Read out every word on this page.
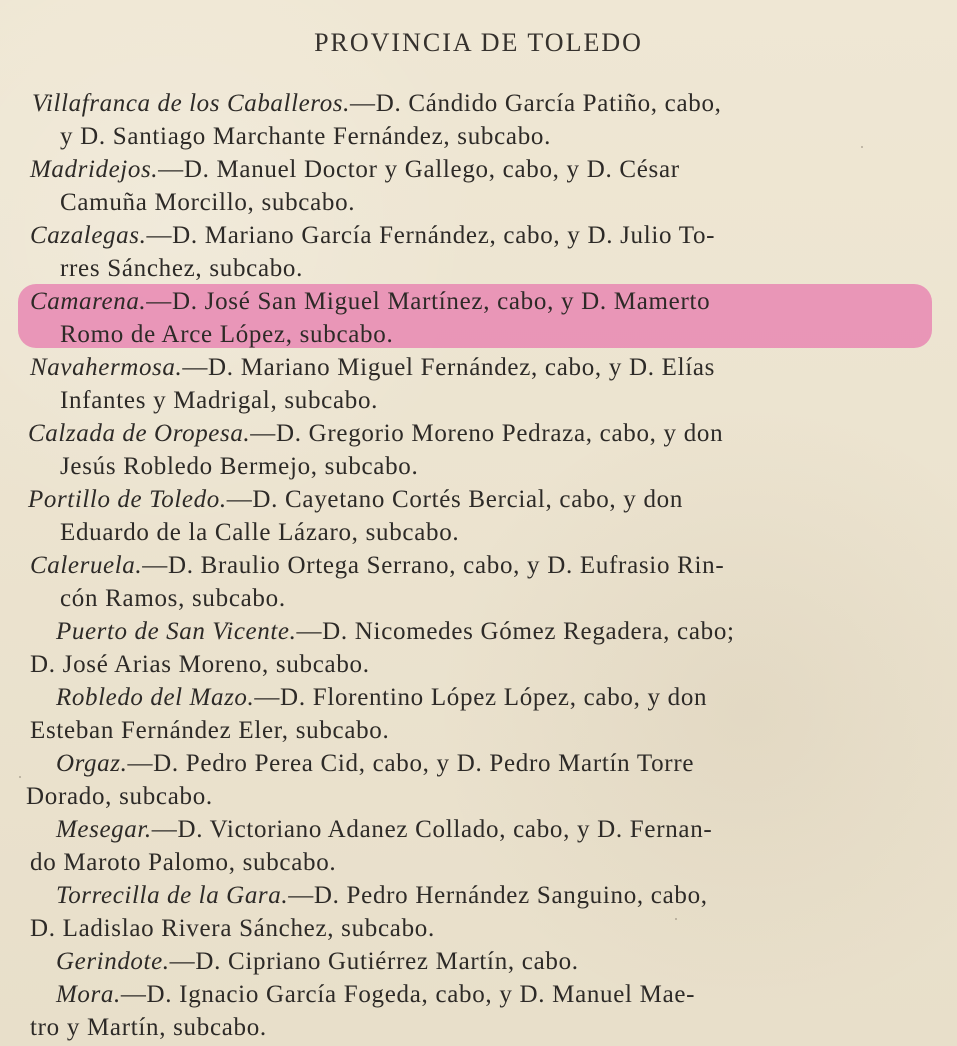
PROVINCIA DE TOLEDO
Villafranca de los Caballeros.—D. Cándido García Patiño, cabo,
y D. Santiago Marchante Fernández, subcabo.
Madridejos.—D. Manuel Doctor y Gallego, cabo, y D. César
Camuña Morcillo, subcabo.
Cazalegas.—D. Mariano García Fernández, cabo, y D. Julio To-
rres Sánchez, subcabo.
Camarena.—D. José San Miguel Martínez, cabo, y D. Mamerto
Romo de Arce López, subcabo.
Navahermosa.—D. Mariano Miguel Fernández, cabo, y D. Elías
Infantes y Madrigal, subcabo.
Calzada de Oropesa.—D. Gregorio Moreno Pedraza, cabo, y don
Jesús Robledo Bermejo, subcabo.
Portillo de Toledo.—D. Cayetano Cortés Bercial, cabo, y don
Eduardo de la Calle Lázaro, subcabo.
Caleruela.—D. Braulio Ortega Serrano, cabo, y D. Eufrasio Rin-
cón Ramos, subcabo.
Puerto de San Vicente.—D. Nicomedes Gómez Regadera, cabo;
D. José Arias Moreno, subcabo.
Robledo del Mazo.—D. Florentino López López, cabo, y don
Esteban Fernández Eler, subcabo.
Orgaz.—D. Pedro Perea Cid, cabo, y D. Pedro Martín Torre
Dorado, subcabo.
Mesegar.—D. Victoriano Adanez Collado, cabo, y D. Fernan-
do Maroto Palomo, subcabo.
Torrecilla de la Gara.—D. Pedro Hernández Sanguino, cabo,
D. Ladislao Rivera Sánchez, subcabo.
Gerindote.—D. Cipriano Gutiérrez Martín, cabo.
Mora.—D. Ignacio García Fogeda, cabo, y D. Manuel Mae-
tro y Martín, subcabo.
